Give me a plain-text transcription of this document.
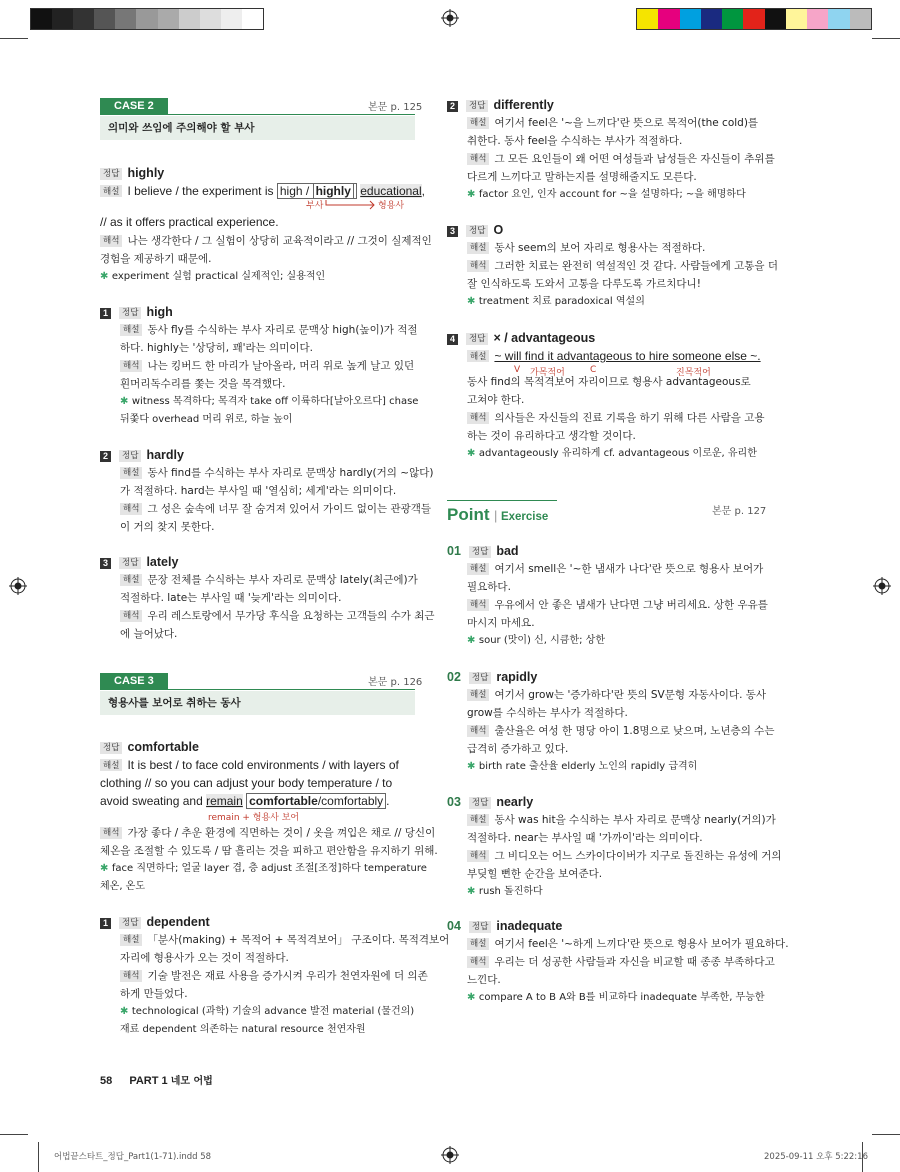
CASE 2	본문 p. 125
의미와 쓰임에 주의해야 할 부사
정답 highly
해설 I believe / the experiment is high / highly educational,
부사	형용사
// as it offers practical experience.
해석 나는 생각한다 / 그 실험이 상당히 교육적이라고 // 그것이 실제적인
경험을 제공하기 때문에.
✱ experiment 실험 practical 실제적인; 실용적인
1 정답 high
해설 동사 fly를 수식하는 부사 자리로 문맥상 high(높이)가 적절
하다. highly는 '상당히, 꽤'라는 의미이다.
해석 나는 킹버드 한 마리가 날아올라, 머리 위로 높게 날고 있던
흰머리독수리를 쫓는 것을 목격했다.
✱ witness 목격하다; 목격자 take off 이륙하다[날아오르다] chase
뒤쫓다 overhead 머리 위로, 하늘 높이
2 정답 hardly
해설 동사 find를 수식하는 부사 자리로 문맥상 hardly(거의 ~않다)
가 적절하다. hard는 부사일 때 '열심히; 세게'라는 의미이다.
해석 그 성은 숲속에 너무 잘 숨겨져 있어서 가이드 없이는 관광객들
이 거의 찾지 못한다.
3 정답 lately
해설 문장 전체를 수식하는 부사 자리로 문맥상 lately(최근에)가
적절하다. late는 부사일 때 '늦게'라는 의미이다.
해석 우리 레스토랑에서 무가당 후식을 요청하는 고객들의 수가 최근
에 늘어났다.
CASE 3	본문 p. 126
형용사를 보어로 취하는 동사
정답 comfortable
해설 It is best / to face cold environments / with layers of
clothing // so you can adjust your body temperature / to
avoid sweating and remain comfortable/comfortably .
remain + 형용사 보어
해석 가장 좋다 / 추운 환경에 직면하는 것이 / 옷을 껴입은 채로 // 당신이
체온을 조절할 수 있도록 / 땀 흘리는 것을 피하고 편안함을 유지하기 위해.
✱ face 직면하다; 얼굴 layer 겹, 층 adjust 조절[조정]하다 temperature
체온, 온도
1 정답 dependent
해설 「분사(making) + 목적어 + 목적격보어」 구조이다. 목적격보어
자리에 형용사가 오는 것이 적절하다.
해석 기술 발전은 재료 사용을 증가시켜 우리가 천연자원에 더 의존
하게 만들었다.
✱ technological (과학) 기술의 advance 발전 material (물건의)
재료 dependent 의존하는 natural resource 천연자원
2 정답 differently
해설 여기서 feel은 '~을 느끼다'란 뜻으로 목적어(the cold)를
취한다. 동사 feel을 수식하는 부사가 적절하다.
해석 그 모든 요인들이 왜 어떤 여성들과 남성들은 자신들이 추위를
다르게 느끼다고 말하는지를 설명해줄지도 모른다.
✱ factor 요인, 인자 account for ~을 설명하다; ~을 해명하다
3 정답 O
해설 동사 seem의 보어 자리로 형용사는 적절하다.
해석 그러한 치료는 완전히 역설적인 것 같다. 사람들에게 고통을 더
잘 인식하도록 도와서 고통을 다루도록 가르치다니!
✱ treatment 치료 paradoxical 역설의
4 정답 × / advantageous
해설 ~ will find it advantageous to hire someone else ~.
동사 find의 목적격보어 자리이므로 형용사 advantageous로
고쳐야 한다.
해석 의사들은 자신들의 진료 기록을 하기 위해 다른 사람을 고용
하는 것이 유리하다고 생각할 것이다.
✱ advantageously 유리하게 cf. advantageous 이로운, 유리한
V 가목적어	C	진목적어
Point | Exercise	본문 p. 127
01 정답 bad
해설 여기서 smell은 '~한 냄새가 나다'란 뜻으로 형용사 보어가
필요하다.
해석 우유에서 안 좋은 냄새가 난다면 그냥 버리세요. 상한 우유를
마시지 마세요.
✱ sour (맛이) 신, 시큼한; 상한
02 정답 rapidly
해설 여기서 grow는 '증가하다'란 뜻의 SV문형 자동사이다. 동사
grow를 수식하는 부사가 적절하다.
해석 출산율은 여성 한 명당 아이 1.8명으로 낮으며, 노년층의 수는
급격히 증가하고 있다.
✱ birth rate 출산율 elderly 노인의 rapidly 급격히
03 정답 nearly
해설 동사 was hit을 수식하는 부사 자리로 문맥상 nearly(거의)가
적절하다. near는 부사일 때 '가까이'라는 의미이다.
해석 그 비디오는 어느 스카이다이버가 지구로 돌진하는 유성에 거의
부딪힐 뻔한 순간을 보여준다.
✱ rush 돌진하다
04 정답 inadequate
해설 여기서 feel은 '~하게 느끼다'란 뜻으로 형용사 보어가 필요하다.
해석 우리는 더 성공한 사람들과 자신을 비교할 때 종종 부족하다고
느낀다.
✱ compare A to B A와 B를 비교하다 inadequate 부족한, 무능한
58 PART 1 네모 어법
어법끝스타트_정답_Part1(1-71).indd 58	2025-09-11 오후 5:22:16
